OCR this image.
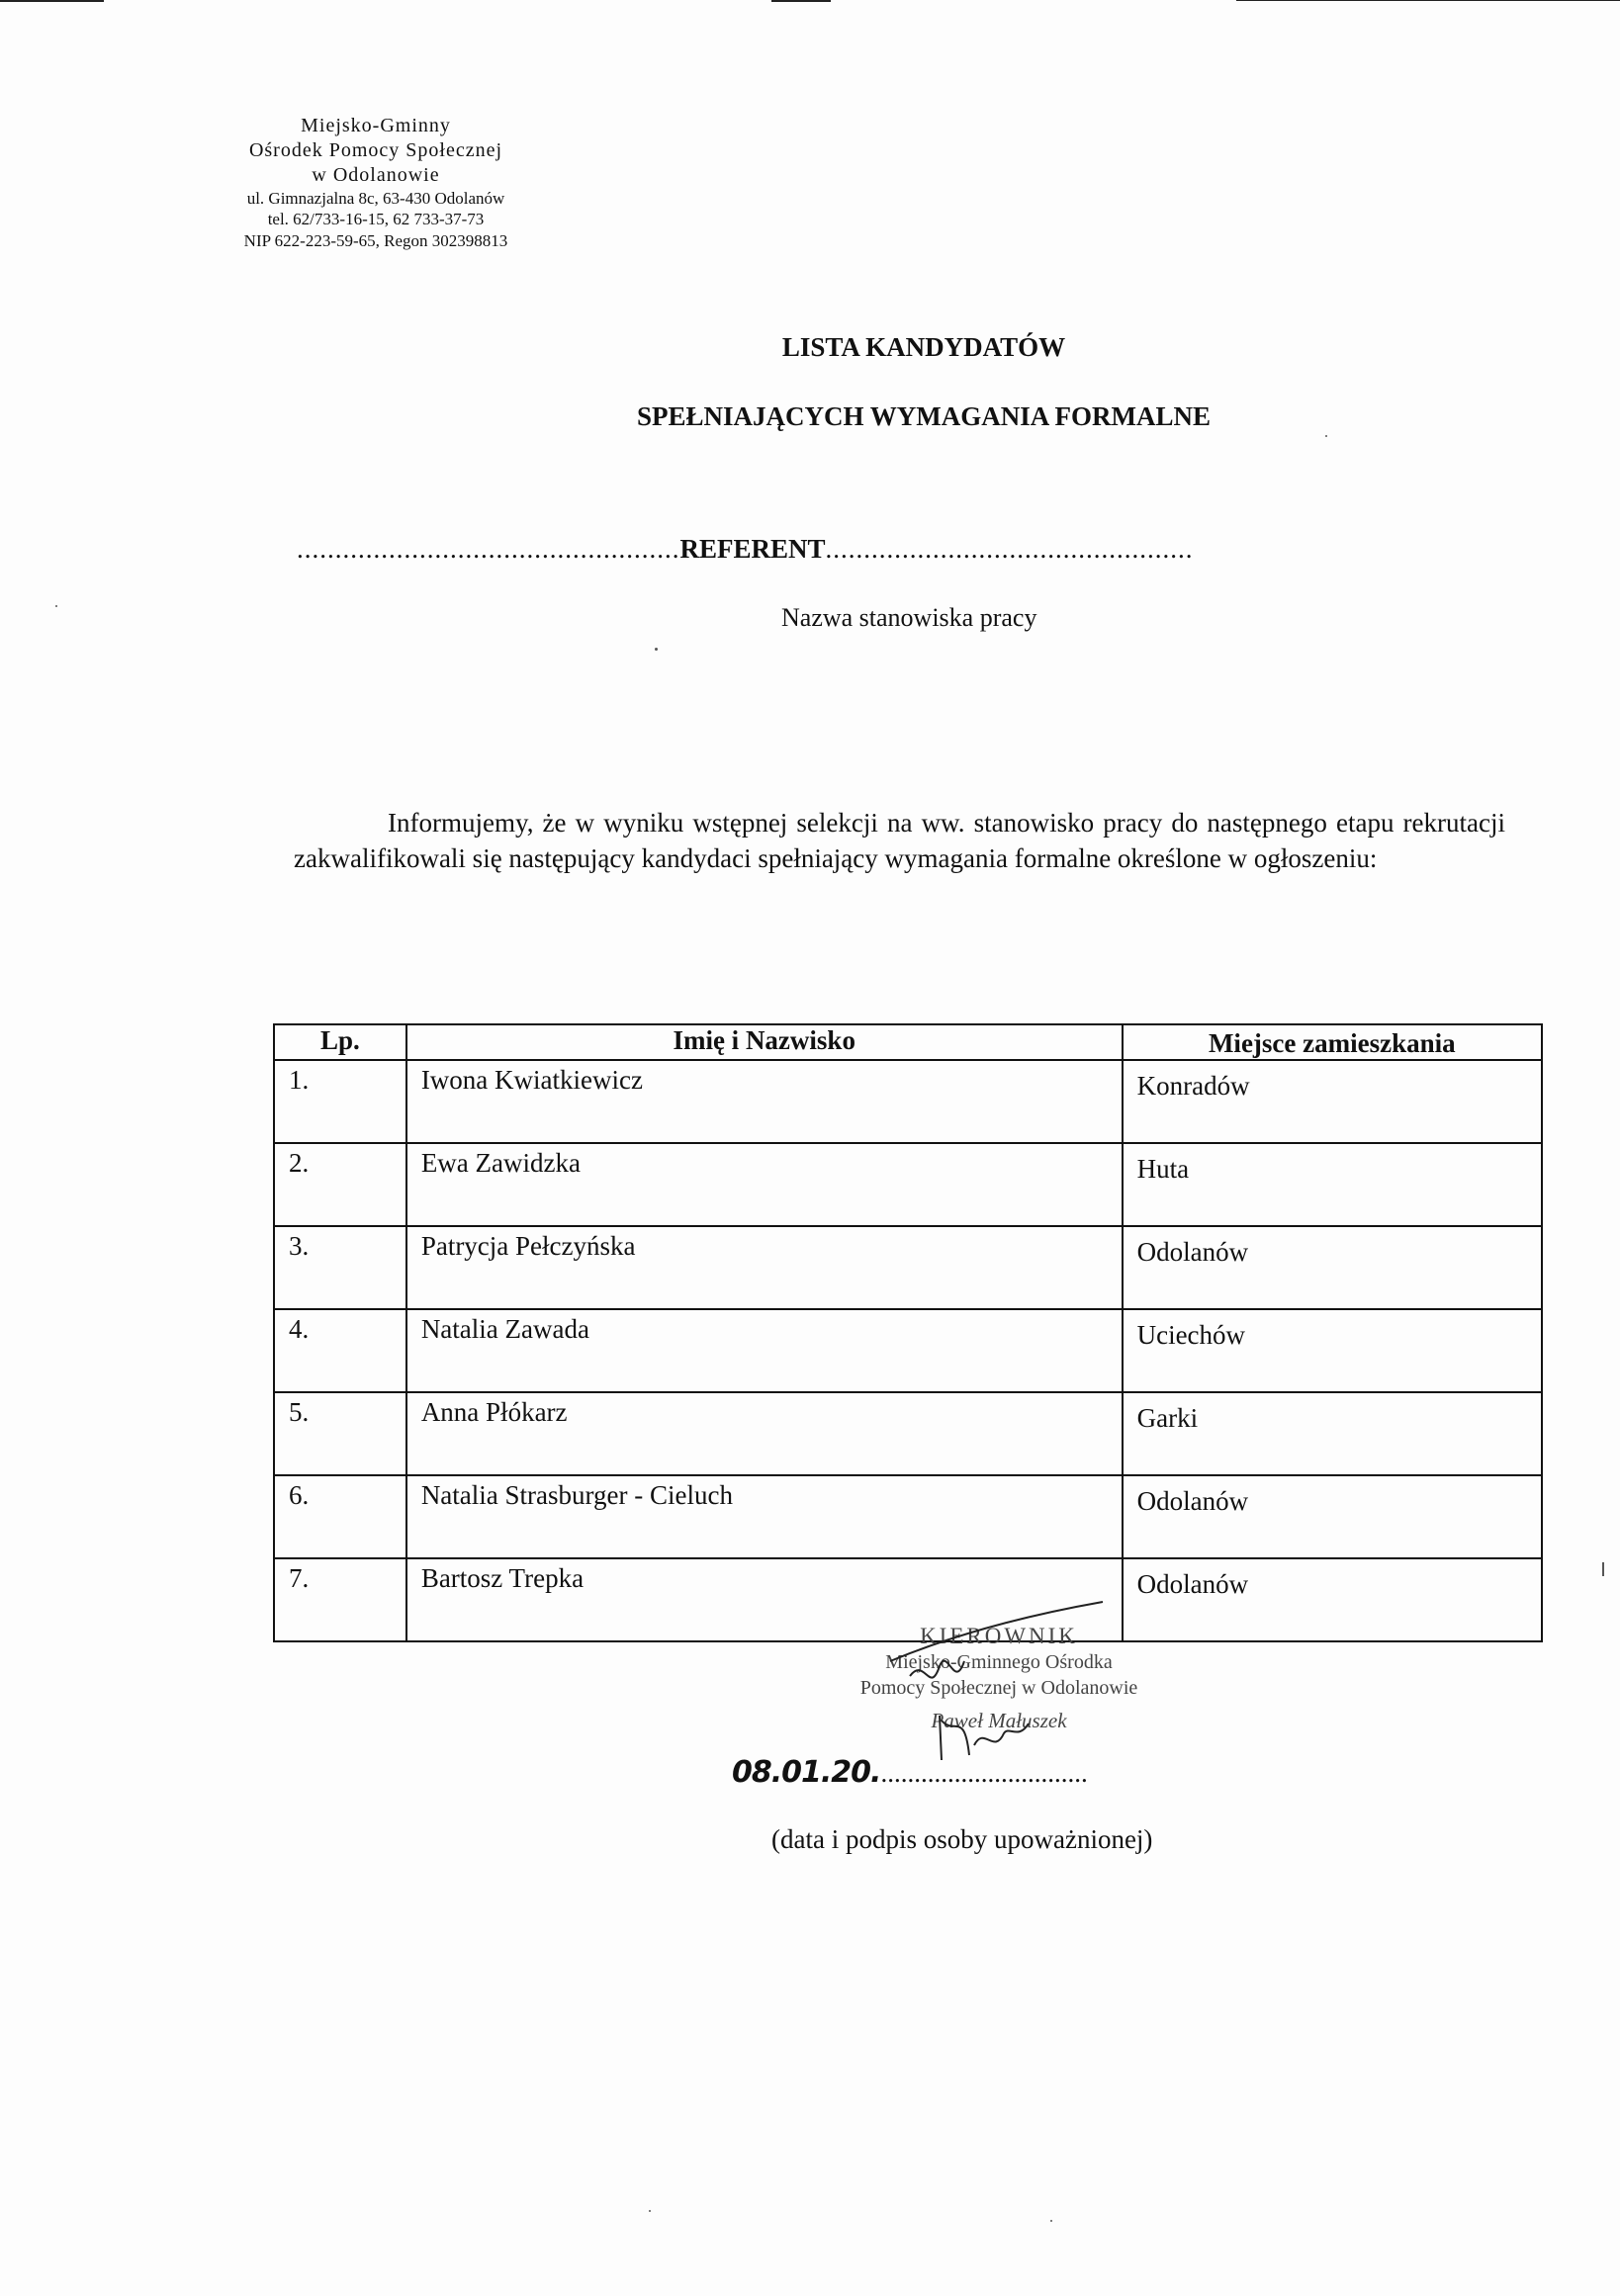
Miejsko-Gminny
Ośrodek Pomocy Społecznej
w Odolanowie
ul. Gimnazjalna 8c, 63-430 Odolanów
tel. 62/733-16-15, 62 733-37-73
NIP 622-223-59-65, Regon 302398813
LISTA KANDYDATÓW
SPEŁNIAJĄCYCH WYMAGANIA FORMALNE
..................................................REFERENT................................................
Nazwa stanowiska pracy
Informujemy, że w wyniku wstępnej selekcji na ww. stanowisko pracy do następnego etapu rekrutacji zakwalifikowali się następujący kandydaci spełniający wymagania formalne określone w ogłoszeniu:
Lp.	Imię i Nazwisko	Miejsce zamieszkania
1.	Iwona Kwiatkiewicz	Konradów
2.	Ewa Zawidzka	Huta
3.	Patrycja Pełczyńska	Odolanów
4.	Natalia Zawada	Uciechów
5.	Anna Płókarz	Garki
6.	Natalia Strasburger - Cieluch	Odolanów
7.	Bartosz Trepka	Odolanów
KIEROWNIK
Miejsko-Gminnego Ośrodka
Pomocy Społecznej w Odolanowie
Paweł Małuszek
08.01.20................................
(data i podpis osoby upoważnionej)
